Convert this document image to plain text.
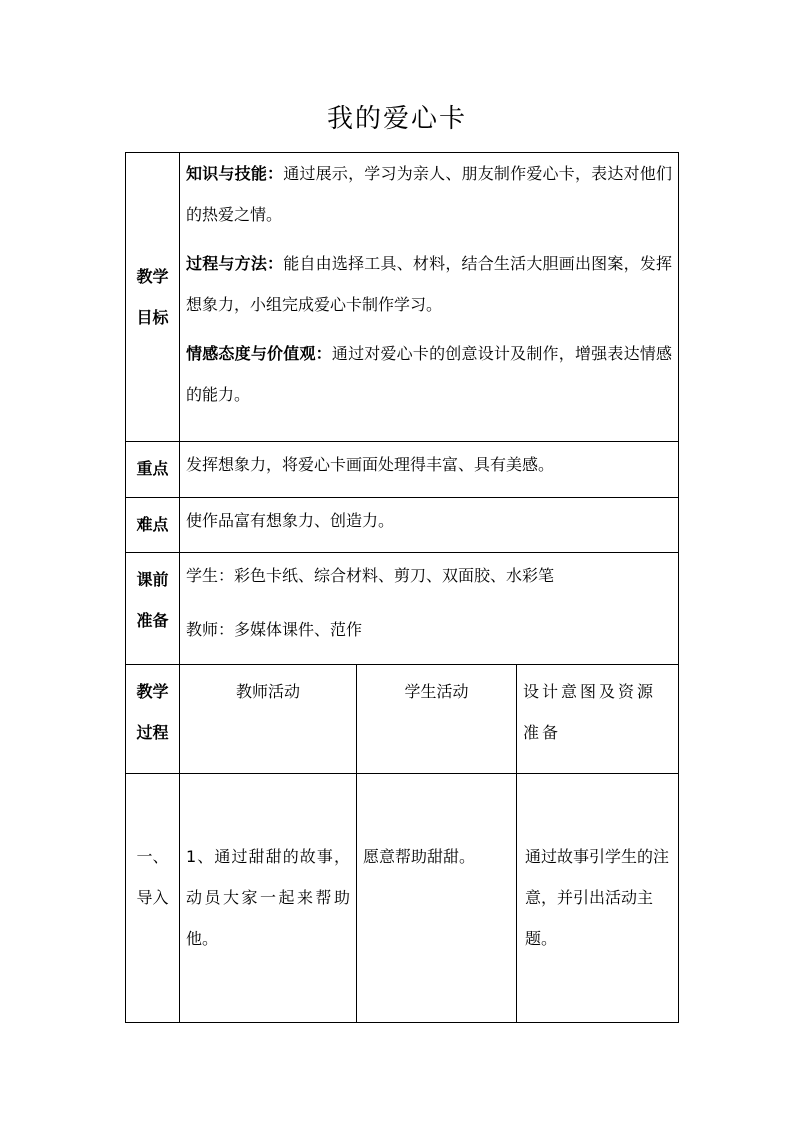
我的爱心卡
教学目标	知识与技能：通过展示，学习为亲人、朋友制作爱心卡，表达对他们的热爱之情。

过程与方法：能自由选择工具、材料，结合生活大胆画出图案，发挥想象力，小组完成爱心卡制作学习。

情感态度与价值观：通过对爱心卡的创意设计及制作，增强表达情感的能力。		

重点	发挥想象力，将爱心卡画面处理得丰富、具有美感。		
难点	使作品富有想象力、创造力。		
课前准备	学生：彩色卡纸、综合材料、剪刀、双面胶、水彩笔
教师：多媒体课件、范作		

教学过程	教师活动	学生活动	设计意图及资源准备
一、导入	1、通过甜甜的故事，动员大家一起来帮助他。	愿意帮助甜甜。	通过故事引学生的注意，并引出活动主题。
